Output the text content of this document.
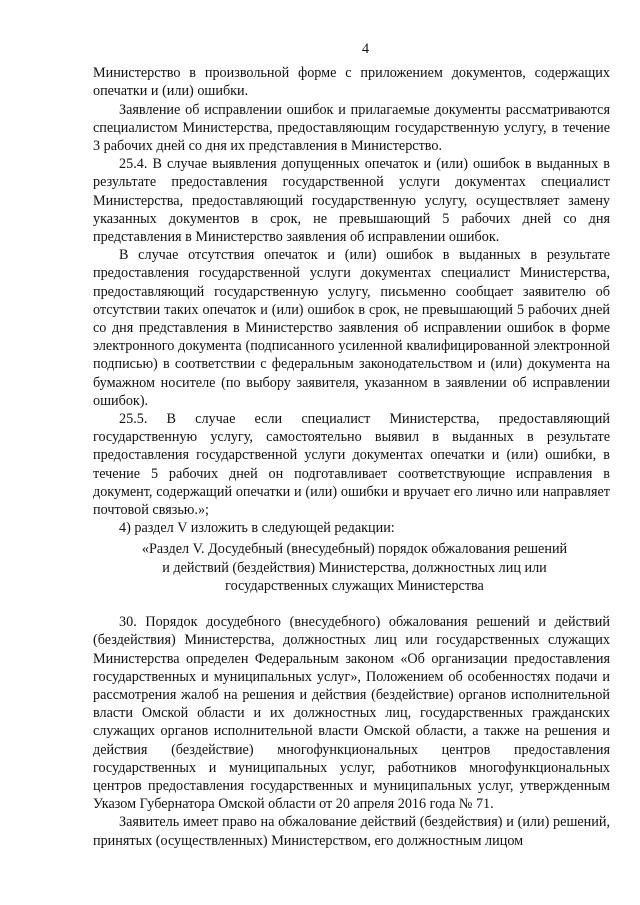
4

Министерство в произвольной форме с приложением документов, содержащих опечатки и (или) ошибки.

Заявление об исправлении ошибок и прилагаемые документы рассматриваются специалистом Министерства, предоставляющим государственную услугу, в течение 3 рабочих дней со дня их представления в Министерство.

25.4. В случае выявления допущенных опечаток и (или) ошибок в выданных в результате предоставления государственной услуги документах специалист Министерства, предоставляющий государственную услугу, осуществляет замену указанных документов в срок, не превышающий 5 рабочих дней со дня представления в Министерство заявления об исправлении ошибок.

В случае отсутствия опечаток и (или) ошибок в выданных в результате предоставления государственной услуги документах специалист Министерства, предоставляющий государственную услугу, письменно сообщает заявителю об отсутствии таких опечаток и (или) ошибок в срок, не превышающий 5 рабочих дней со дня представления в Министерство заявления об исправлении ошибок в форме электронного документа (подписанного усиленной квалифицированной электронной подписью) в соответствии с федеральным законодательством и (или) документа на бумажном носителе (по выбору заявителя, указанном в заявлении об исправлении ошибок).

25.5. В случае если специалист Министерства, предоставляющий государственную услугу, самостоятельно выявил в выданных в результате предоставления государственной услуги документах опечатки и (или) ошибки, в течение 5 рабочих дней он подготавливает соответствующие исправления в документ, содержащий опечатки и (или) ошибки и вручает его лично или направляет почтовой связью.»;

4) раздел V изложить в следующей редакции:

«Раздел V. Досудебный (внесудебный) порядок обжалования решений
и действий (бездействия) Министерства, должностных лиц или
государственных служащих Министерства

30. Порядок досудебного (внесудебного) обжалования решений и действий (бездействия) Министерства, должностных лиц или государственных служащих Министерства определен Федеральным законом «Об организации предоставления государственных и муниципальных услуг», Положением об особенностях подачи и рассмотрения жалоб на решения и действия (бездействие) органов исполнительной власти Омской области и их должностных лиц, государственных гражданских служащих органов исполнительной власти Омской области, а также на решения и действия (бездействие) многофункциональных центров предоставления государственных и муниципальных услуг, работников многофункциональных центров предоставления государственных и муниципальных услуг, утвержденным Указом Губернатора Омской области от 20 апреля 2016 года № 71.

Заявитель имеет право на обжалование действий (бездействия) и (или) решений, принятых (осуществленных) Министерством, его должностным лицом
